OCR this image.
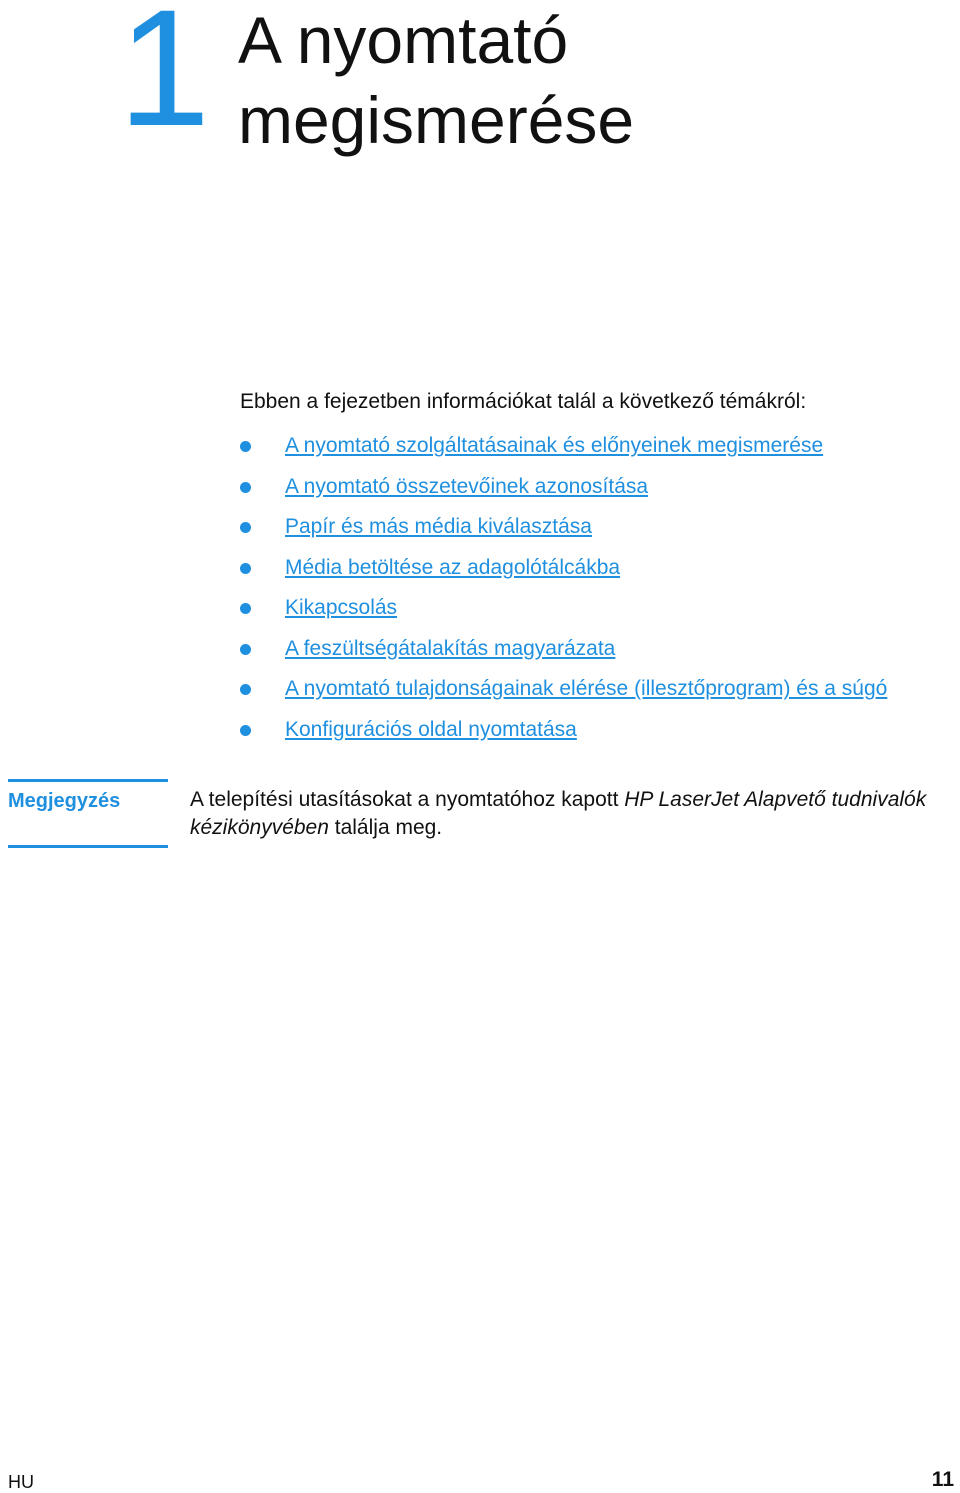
1 A nyomtató
megismerése
Ebben a fejezetben információkat talál a következő témákról:
A nyomtató szolgáltatásainak és előnyeinek megismerése
A nyomtató összetevőinek azonosítása
Papír és más média kiválasztása
Média betöltése az adagolótálcákba
Kikapcsolás
A feszültségátalakítás magyarázata
A nyomtató tulajdonságainak elérése (illesztőprogram) és a súgó
Konfigurációs oldal nyomtatása
Megjegyzés	A telepítési utasításokat a nyomtatóhoz kapott HP LaserJet Alapvető tudnivalók kézikönyvében találja meg.
HU	11
